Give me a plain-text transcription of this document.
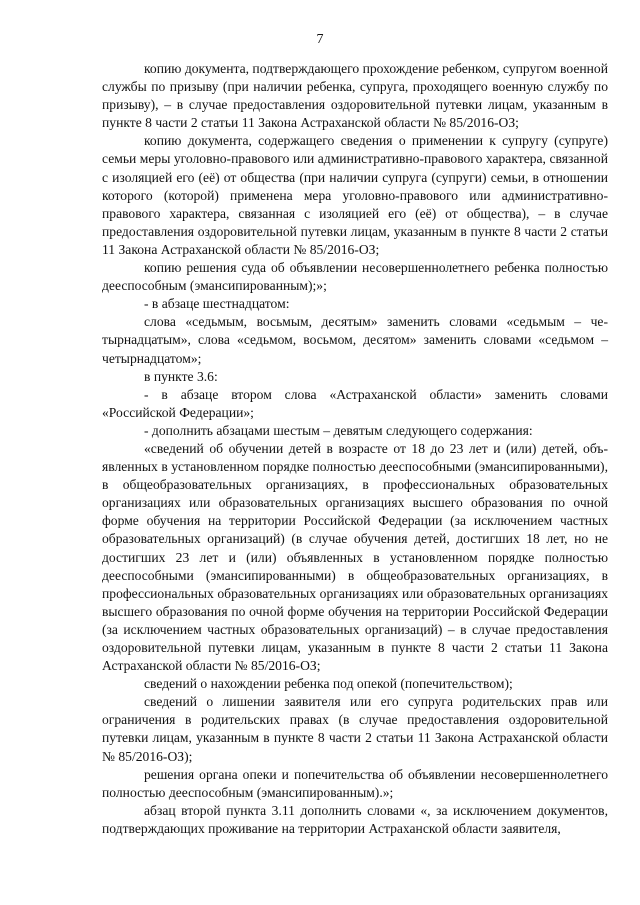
7

копию документа, подтверждающего прохождение ребенком, супругом военной службы по призыву (при наличии ребенка, супруга, проходящего военную службу по призыву), – в случае предоставления оздоровительной путевки лицам, указанным в пункте 8 части 2 статьи 11 Закона Астраханской области № 85/2016-ОЗ;

копию документа, содержащего сведения о применении к супругу (супруге) семьи меры уголовно-правового или административно-правового характера, связанной с изоляцией его (её) от общества (при наличии супруга (супруги) семьи, в отношении которого (которой) применена мера уголовно-правового или административно-правового характера, связанная с изоляцией его (её) от общества), – в случае предоставления оздоровительной путевки лицам, указанным в пункте 8 части 2 статьи 11 Закона Астраханской области № 85/2016-ОЗ;

копию решения суда об объявлении несовершеннолетнего ребенка полностью дееспособным (эмансипированным);»;

- в абзаце шестнадцатом:

слова «седьмым, восьмым, десятым» заменить словами «седьмым – четырнадцатым», слова «седьмом, восьмом, десятом» заменить словами «седьмом – четырнадцатом»;

в пункте 3.6:

- в абзаце втором слова «Астраханской области» заменить словами «Российской Федерации»;

- дополнить абзацами шестым – девятым следующего содержания:

«сведений об обучении детей в возрасте от 18 до 23 лет и (или) детей, объявленных в установленном порядке полностью дееспособными (эмансипированными), в общеобразовательных организациях, в профессиональных образовательных организациях или образовательных организациях высшего образования по очной форме обучения на территории Российской Федерации (за исключением частных образовательных организаций) (в случае обучения детей, достигших 18 лет, но не достигших 23 лет и (или) объявленных в установленном порядке полностью дееспособными (эмансипированными) в общеобразовательных организациях, в профессиональных образовательных организациях или образовательных организациях высшего образования по очной форме обучения на территории Российской Федерации (за исключением частных образовательных организаций) – в случае предоставления оздоровительной путевки лицам, указанным в пункте 8 части 2 статьи 11 Закона Астраханской области № 85/2016-ОЗ;

сведений о нахождении ребенка под опекой (попечительством);

сведений о лишении заявителя или его супруга родительских прав или ограничения в родительских правах (в случае предоставления оздоровительной путевки лицам, указанным в пункте 8 части 2 статьи 11 Закона Астраханской области № 85/2016-ОЗ);

решения органа опеки и попечительства об объявлении несовершеннолетнего полностью дееспособным (эмансипированным).»;

абзац второй пункта 3.11 дополнить словами «, за исключением документов, подтверждающих проживание на территории Астраханской области заявителя,
